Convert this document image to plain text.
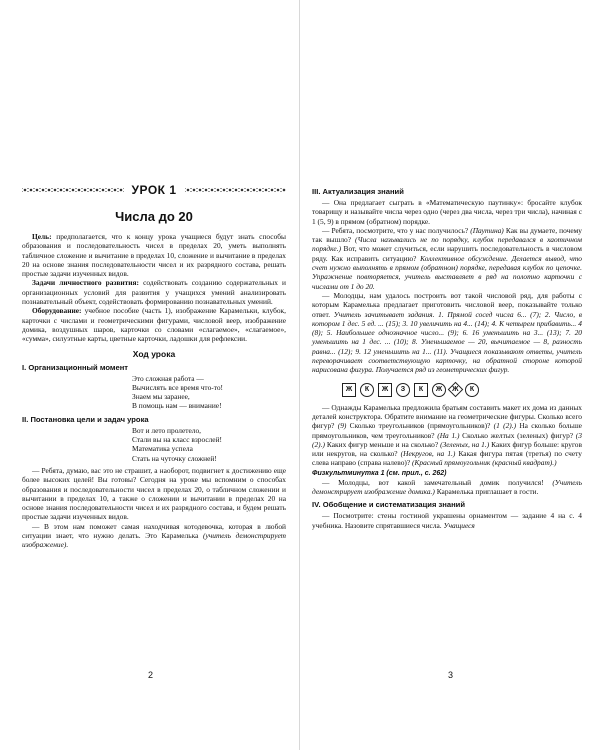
УРОК 1
Числа до 20

Цель: предполагается, что к концу урока учащиеся будут знать способы образования и последовательность чисел в пределах 20, уметь выполнять табличное сложение и вычитание в пределах 10, сложение и вычитание в пределах 20 на основе знания последовательности чисел и их разрядного состава, решать простые задачи изученных видов.

Задачи личностного развития: содействовать созданию содержательных и организационных условий для развития у учащихся умений анализировать познавательный объект, содействовать формированию познавательных умений.

Оборудование: учебное пособие (часть 1), изображение Карамельки, клубок, карточки с числами и геометрическими фигурами, числовой веер, изображение домика, воздушных шаров, карточки со словами «слагаемое», «слагаемое», «сумма», силуэтные карты, цветные карточки, ладошки для рефлексии.

Ход урока
I. Организационный момент
Это сложная работа —
Вычислять все время что-то!
Знаем мы заранее,
В помощь нам — внимание!
II. Постановка цели и задач урока
Вот и лето пролетело,
Стали вы на класс взрослей!
Математика успела
Стать на чуточку сложней!

— Ребята, думаю, вас это не страшит, а наоборот, подвигнет к достижению еще более высоких целей! Вы готовы? Сегодня на уроке мы вспомним о способах образования и последовательности чисел в пределах 20, о табличном сложении и вычитании в пределах 10, а также о сложении и вычитании в пределах 20 на основе знания последовательности чисел и их разрядного состава, и будем решать простые задачи изученных видов.

— В этом нам поможет самая находчивая котодевочка, которая в любой ситуации знает, что нужно делать. Это Карамелька (учитель демонстрирует изображение).

2
III. Актуализация знаний

— Она предлагает сыграть в «Математическую паутинку»: бросайте клубок товарищу и называйте числа через одно (через два числа, через три числа), начиная с 1 (5, 9) в прямом (обратном) порядке.

— Ребята, посмотрите, что у нас получилось? (Паутина) Как вы думаете, почему так вышло? (Числа назывались не по порядку, клубок передавался в хаотичном порядке.) Вот, что может случиться, если нарушить последовательность в числовом ряду. Как исправить ситуацию? Коллективное обсуждение. Делается вывод, что счет нужно выполнять в прямом (обратном) порядке, передавая клубок по цепочке. Упражнение повторяется, учитель выставляет в ряд на полотно карточки с числами от 1 до 20.

— Молодцы, нам удалось построить вот такой числовой ряд, для работы с которым Карамелька предлагает приготовить числовой веер, показывайте только ответ. Учитель зачитывает задания. 1. Прямой сосед числа 6... (7); 2. Число, в котором 1 дес. 5 ед. ... (15); 3. 10 увеличить на 4... (14); 4. К четырем прибавить... 4 (8); 5. Наибольшее однозначное число... (9); 6. 16 уменьшить на 3... (13); 7. 20 уменьшить на 1 дес. ... (10); 8. Уменьшаемое — 20, вычитаемое — 8, разность равна... (12); 9. 12 уменьшить на 1... (11). Учащиеся показывают ответы, учитель переворачивает соответствующую карточку, на обратной стороне которой нарисована фигура. Получается ряд из геометрических фигур.

Ж К Ж З К Ж Ж К

— Однажды Карамелька предложила братьям составить макет их дома из данных деталей конструктора. Обратите внимание на геометрические фигуры. Сколько всего фигур? (9) Сколько треугольников (прямоугольников)? (1 (2).) На сколько больше прямоугольников, чем треугольников? (На 1.) Сколько желтых (зеленых) фигур? (3 (2).) Каких фигур меньше и на сколько? (Зеленых, на 1.) Каких фигур больше: кругов или некругов, на сколько? (Некругов, на 1.) Какая фигура пятая (третья) по счету слева направо (справа налево)? (Красный прямоугольник (красный квадрат).)

Физкультминутка 1 (см. прил., с. 262)

— Молодцы, вот какой замечательный домик получился! (Учитель демонстрирует изображение домика.) Карамелька приглашает в гости.

IV. Обобщение и систематизация знаний

— Посмотрите: стены гостиной украшены орнаментом — задание 4 на с. 4 учебника. Назовите спрятавшиеся числа. Учащиеся

3
